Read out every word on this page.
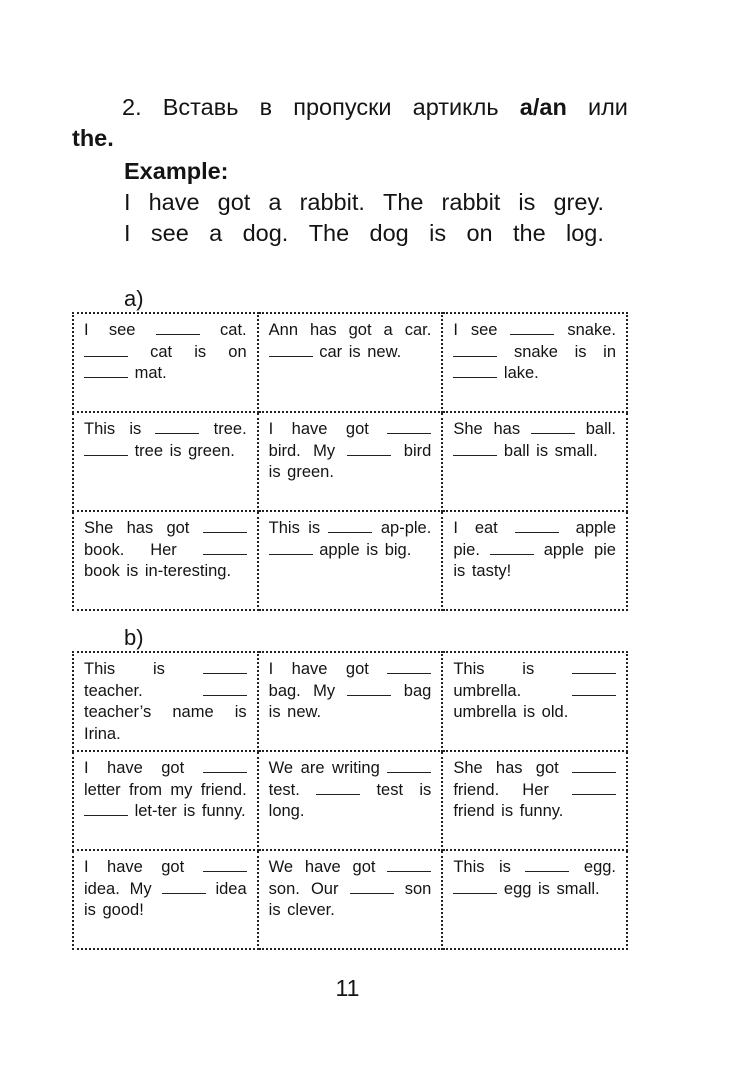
2. Вставь в пропуски артикль a/an или
the.
Example:
I have got a rabbit. The rabbit is grey.
I see a dog. The dog is on the log.
a)
I see cat.  cat is on  mat.	Ann has got a car.  car is new.	I see snake.  snake is in  lake.
This is tree.  tree is green.	I have got  bird. My bird is green.	She has ball.  ball is small.
She has got  book. Her  book is in-teresting.	This is ap-ple.  apple is big.	I eat apple pie. apple pie is tasty!
b)
This is  teacher.  teacher’s name is Irina.	I have got  bag. My bag is new.	This is  umbrella.  umbrella is old.
I have got  letter from my friend.  let-ter is funny.	We are writing  test. test is long.	She has got  friend. Her  friend is funny.
I have got  idea. My idea is good!	We have got  son. Our son is clever.	This is egg.  egg is small.
11
